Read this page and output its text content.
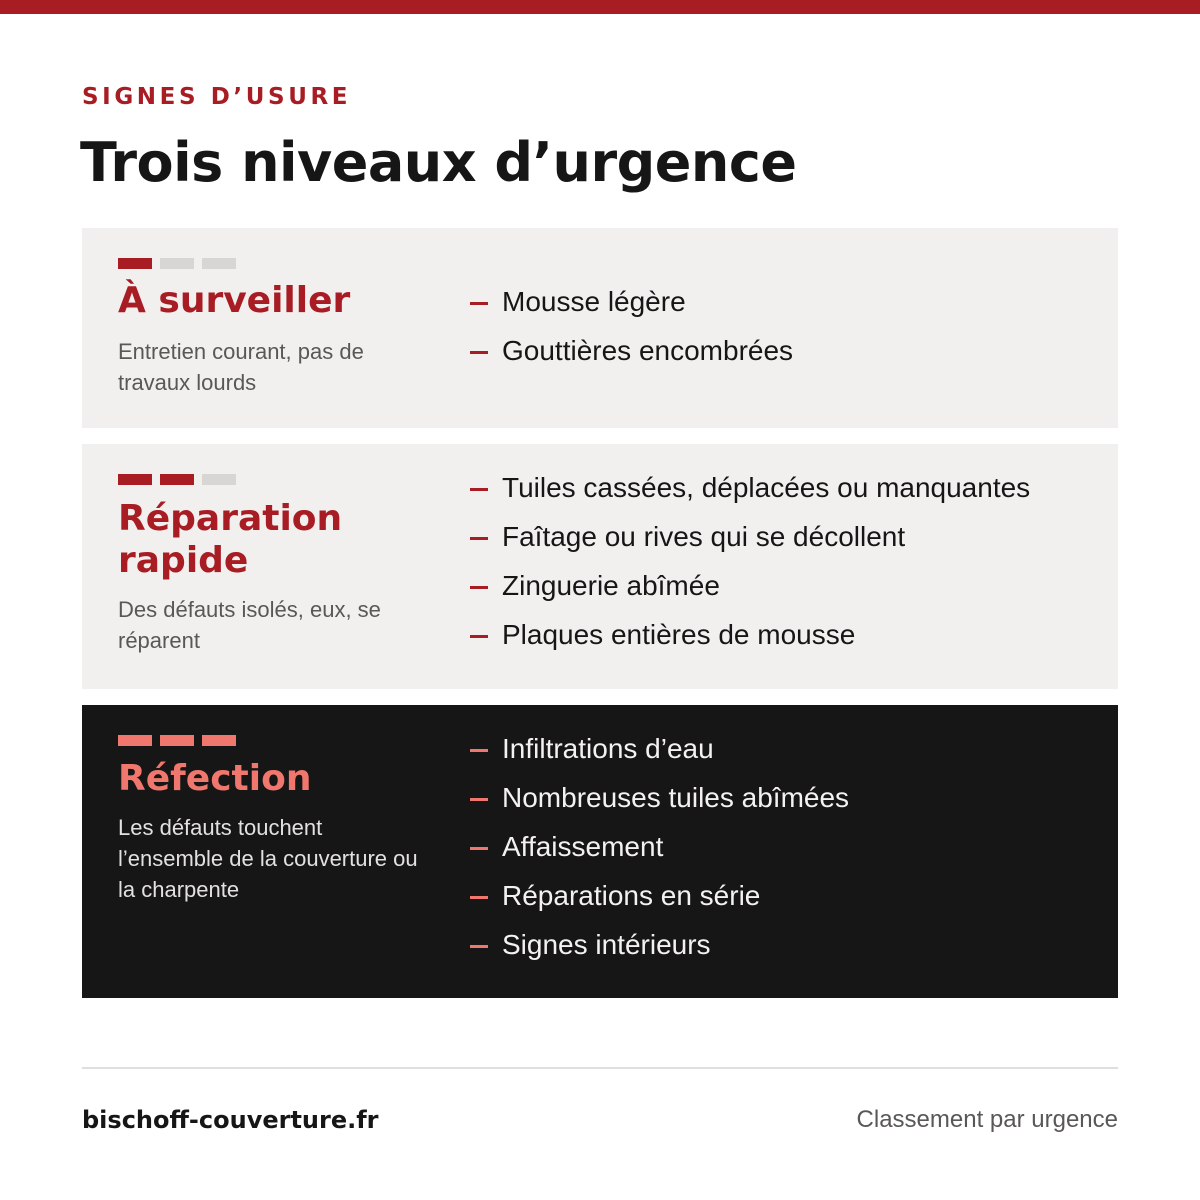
SIGNES D’USURE
Trois niveaux d’urgence
À surveiller

Entretien courant, pas de travaux lourds

Mousse légère
Gouttières encombrées
Réparation rapide

Des défauts isolés, eux, se réparent

Tuiles cassées, déplacées ou manquantes
Faîtage ou rives qui se décollent
Zinguerie abîmée
Plaques entières de mousse
Réfection

Les défauts touchent l’ensemble de la couverture ou la charpente

Infiltrations d’eau
Nombreuses tuiles abîmées
Affaissement
Réparations en série
Signes intérieurs
bischoff-couverture.fr	Classement par urgence
